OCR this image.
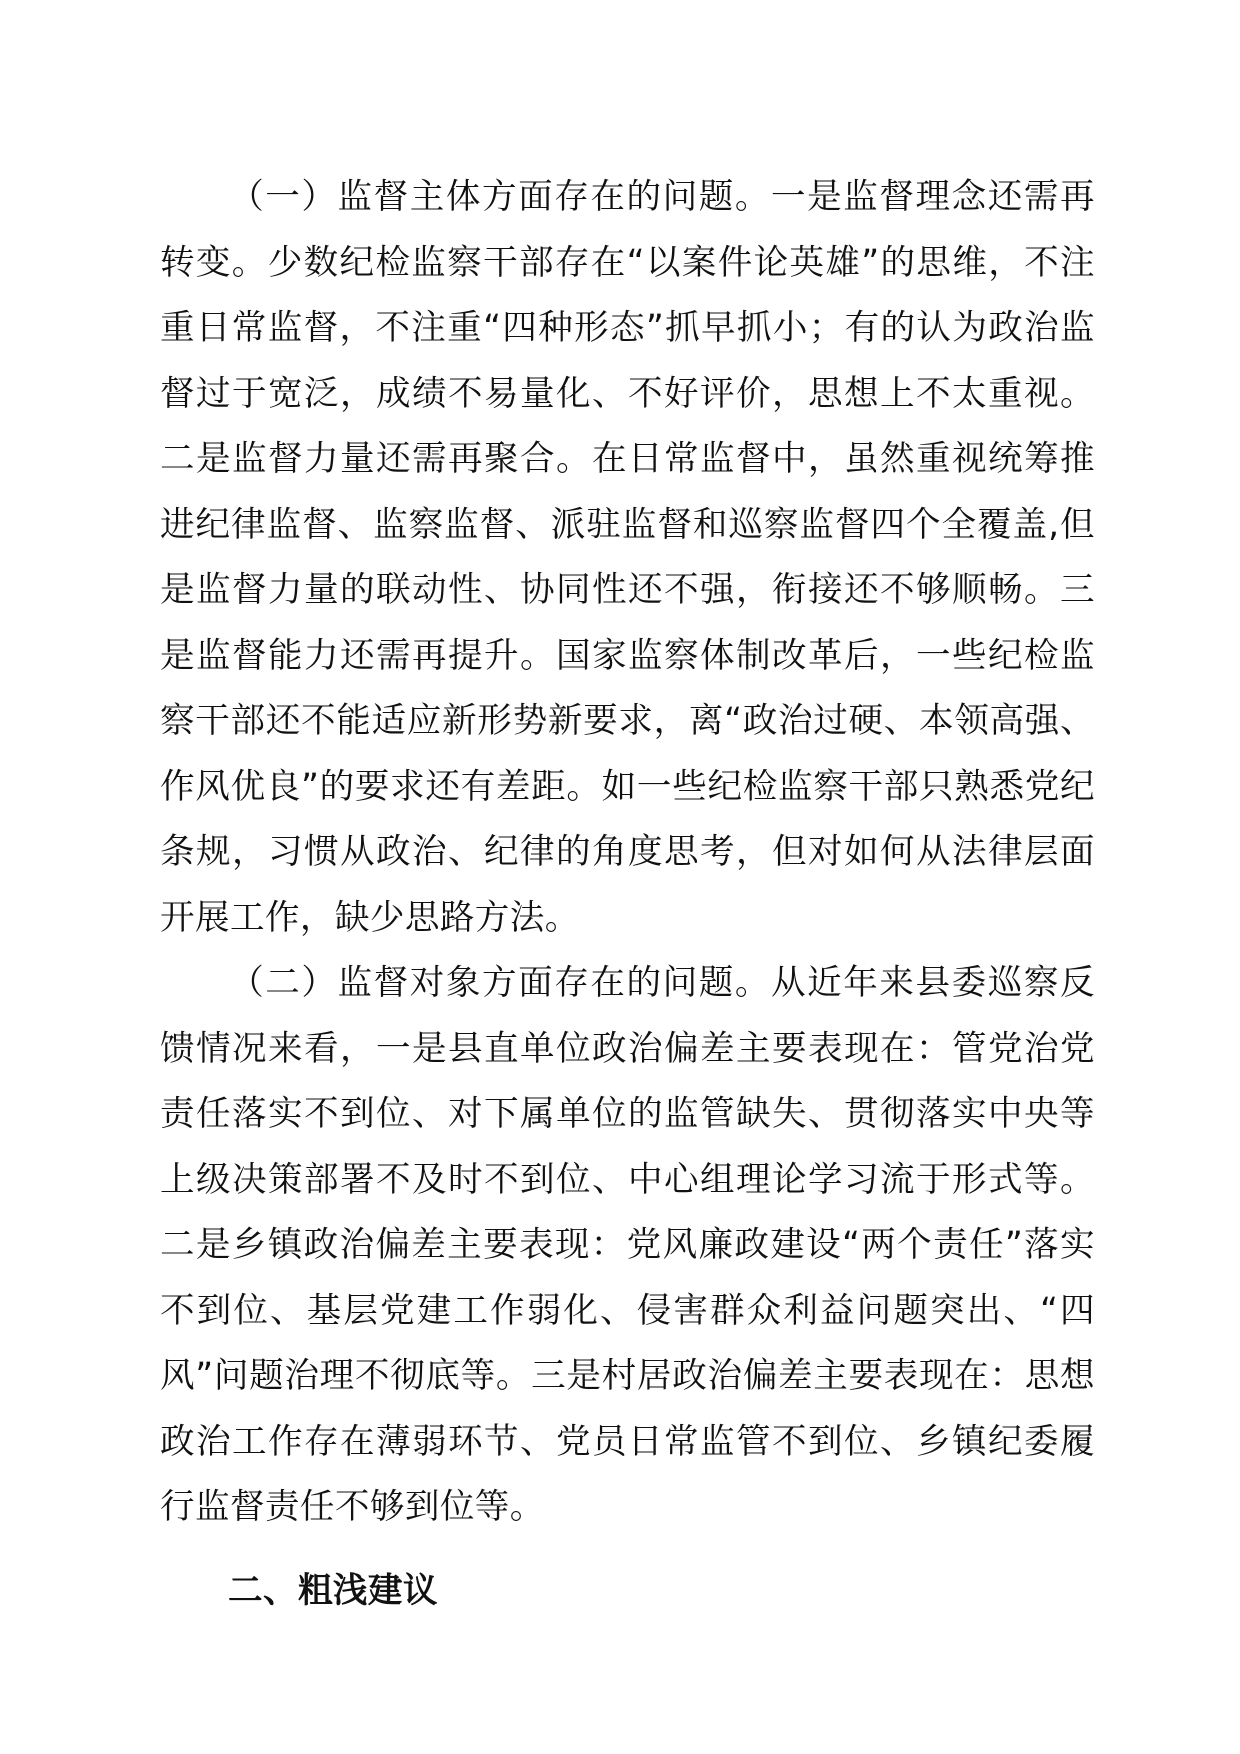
（一）监督主体方面存在的问题。一是监督理念还需再转变。少数纪检监察干部存在“以案件论英雄”的思维，不注重日常监督，不注重“四种形态”抓早抓小；有的认为政治监督过于宽泛，成绩不易量化、不好评价，思想上不太重视。二是监督力量还需再聚合。在日常监督中，虽然重视统筹推进纪律监督、监察监督、派驻监督和巡察监督四个全覆盖,但是监督力量的联动性、协同性还不强，衔接还不够顺畅。三是监督能力还需再提升。国家监察体制改革后，一些纪检监察干部还不能适应新形势新要求，离“政治过硬、本领高强、作风优良”的要求还有差距。如一些纪检监察干部只熟悉党纪条规，习惯从政治、纪律的角度思考，但对如何从法律层面开展工作，缺少思路方法。

（二）监督对象方面存在的问题。从近年来县委巡察反馈情况来看，一是县直单位政治偏差主要表现在：管党治党责任落实不到位、对下属单位的监管缺失、贯彻落实中央等上级决策部署不及时不到位、中心组理论学习流于形式等。二是乡镇政治偏差主要表现：党风廉政建设“两个责任”落实不到位、基层党建工作弱化、侵害群众利益问题突出、“四风”问题治理不彻底等。三是村居政治偏差主要表现在：思想政治工作存在薄弱环节、党员日常监管不到位、乡镇纪委履行监督责任不够到位等。

二、粗浅建议
